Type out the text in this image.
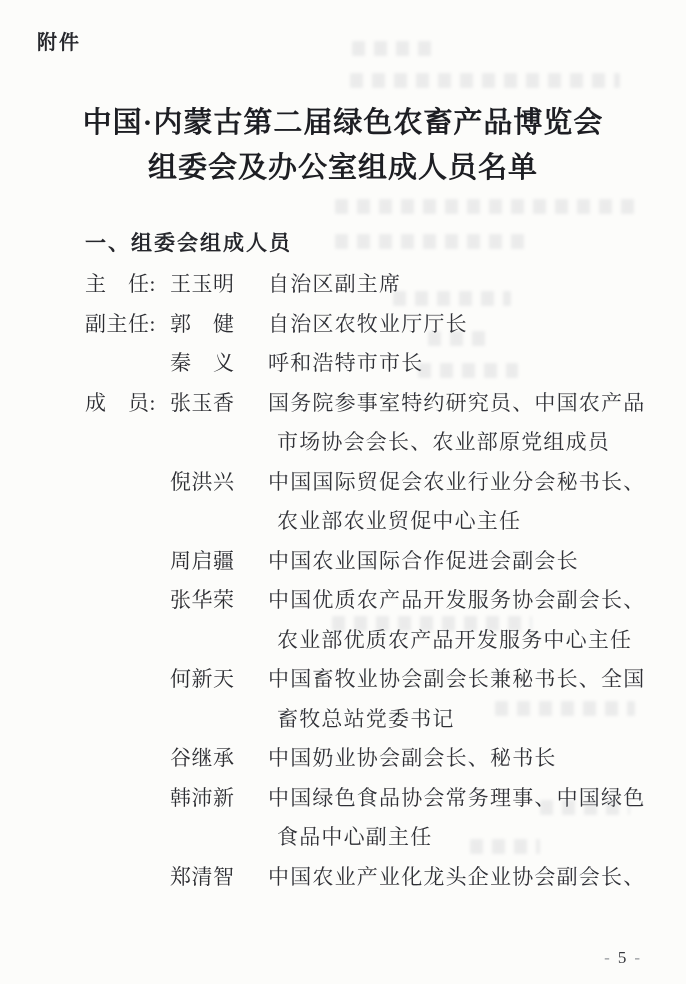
附件
中国·内蒙古第二届绿色农畜产品博览会
组委会及办公室组成人员名单
一、组委会组成人员
主　任: 王玉明 自治区副主席
副主任: 郭　健 自治区农牧业厅厅长
秦　义 呼和浩特市市长
成　员: 张玉香 国务院参事室特约研究员、中国农产品
市场协会会长、农业部原党组成员
倪洪兴 中国国际贸促会农业行业分会秘书长、
农业部农业贸促中心主任
周启疆 中国农业国际合作促进会副会长
张华荣 中国优质农产品开发服务协会副会长、
农业部优质农产品开发服务中心主任
何新天 中国畜牧业协会副会长兼秘书长、全国
畜牧总站党委书记
谷继承 中国奶业协会副会长、秘书长
韩沛新 中国绿色食品协会常务理事、中国绿色
食品中心副主任
郑清智 中国农业产业化龙头企业协会副会长、
- 5 -
